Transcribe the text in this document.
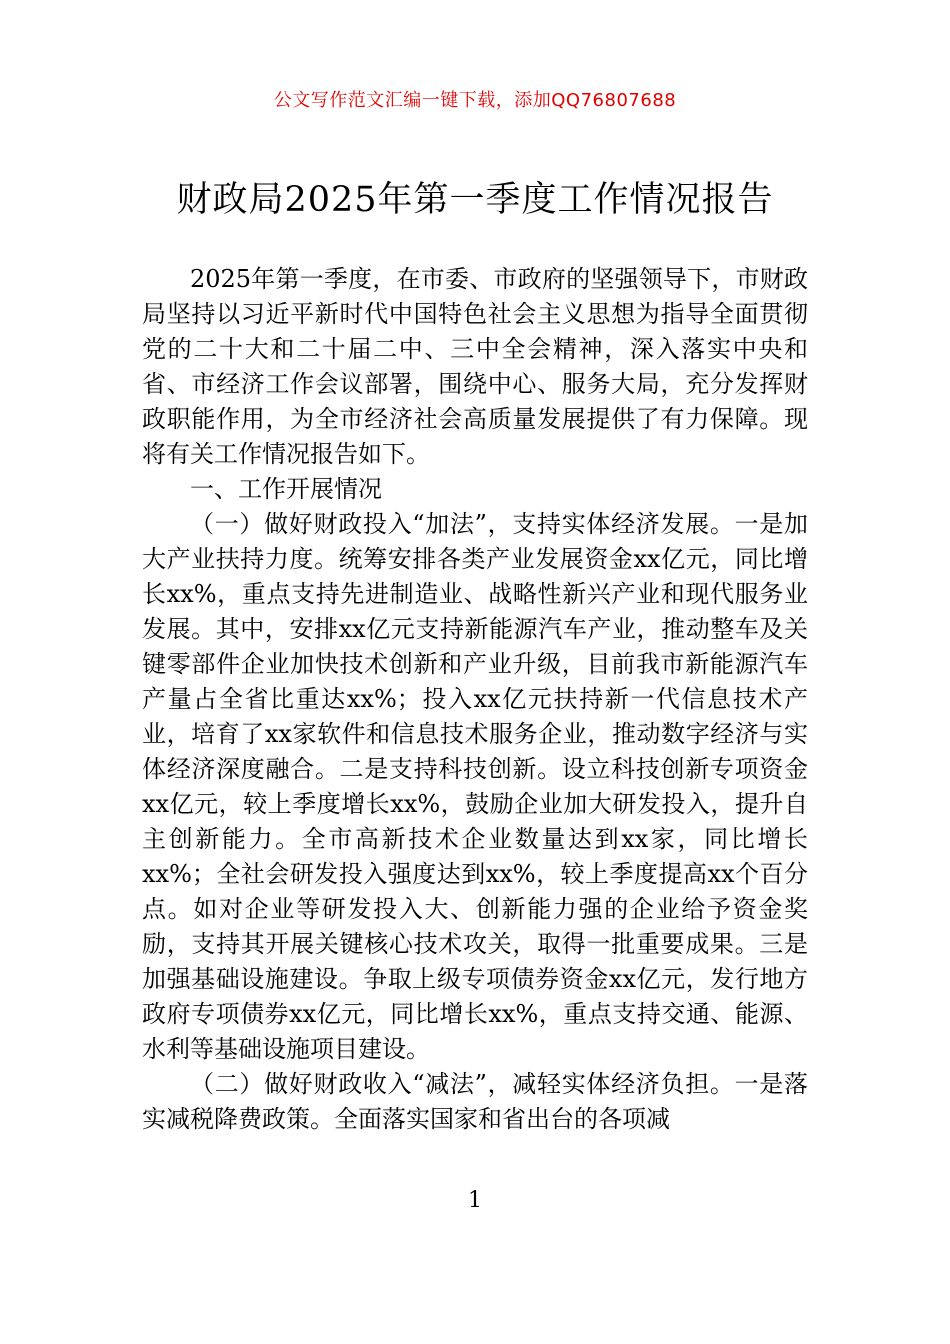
公文写作范文汇编一键下载，添加QQ76807688
财政局2025年第一季度工作情况报告

2025年第一季度，在市委、市政府的坚强领导下，市财政局坚持以习近平新时代中国特色社会主义思想为指导全面贯彻党的二十大和二十届二中、三中全会精神，深入落实中央和省、市经济工作会议部署，围绕中心、服务大局，充分发挥财政职能作用，为全市经济社会高质量发展提供了有力保障。现将有关工作情况报告如下。

一、工作开展情况

（一）做好财政投入“加法”，支持实体经济发展。一是加大产业扶持力度。统筹安排各类产业发展资金xx亿元，同比增长xx%，重点支持先进制造业、战略性新兴产业和现代服务业发展。其中，安排xx亿元支持新能源汽车产业，推动整车及关键零部件企业加快技术创新和产业升级，目前我市新能源汽车产量占全省比重达xx%；投入xx亿元扶持新一代信息技术产业，培育了xx家软件和信息技术服务企业，推动数字经济与实体经济深度融合。二是支持科技创新。设立科技创新专项资金xx亿元，较上季度增长xx%，鼓励企业加大研发投入，提升自主创新能力。全市高新技术企业数量达到xx家，同比增长xx%；全社会研发投入强度达到xx%，较上季度提高xx个百分点。如对企业等研发投入大、创新能力强的企业给予资金奖励，支持其开展关键核心技术攻关，取得一批重要成果。三是加强基础设施建设。争取上级专项债券资金xx亿元，发行地方政府专项债券xx亿元，同比增长xx%，重点支持交通、能源、水利等基础设施项目建设。

（二）做好财政收入“减法”，减轻实体经济负担。一是落实减税降费政策。全面落实国家和省出台的各项减

1
